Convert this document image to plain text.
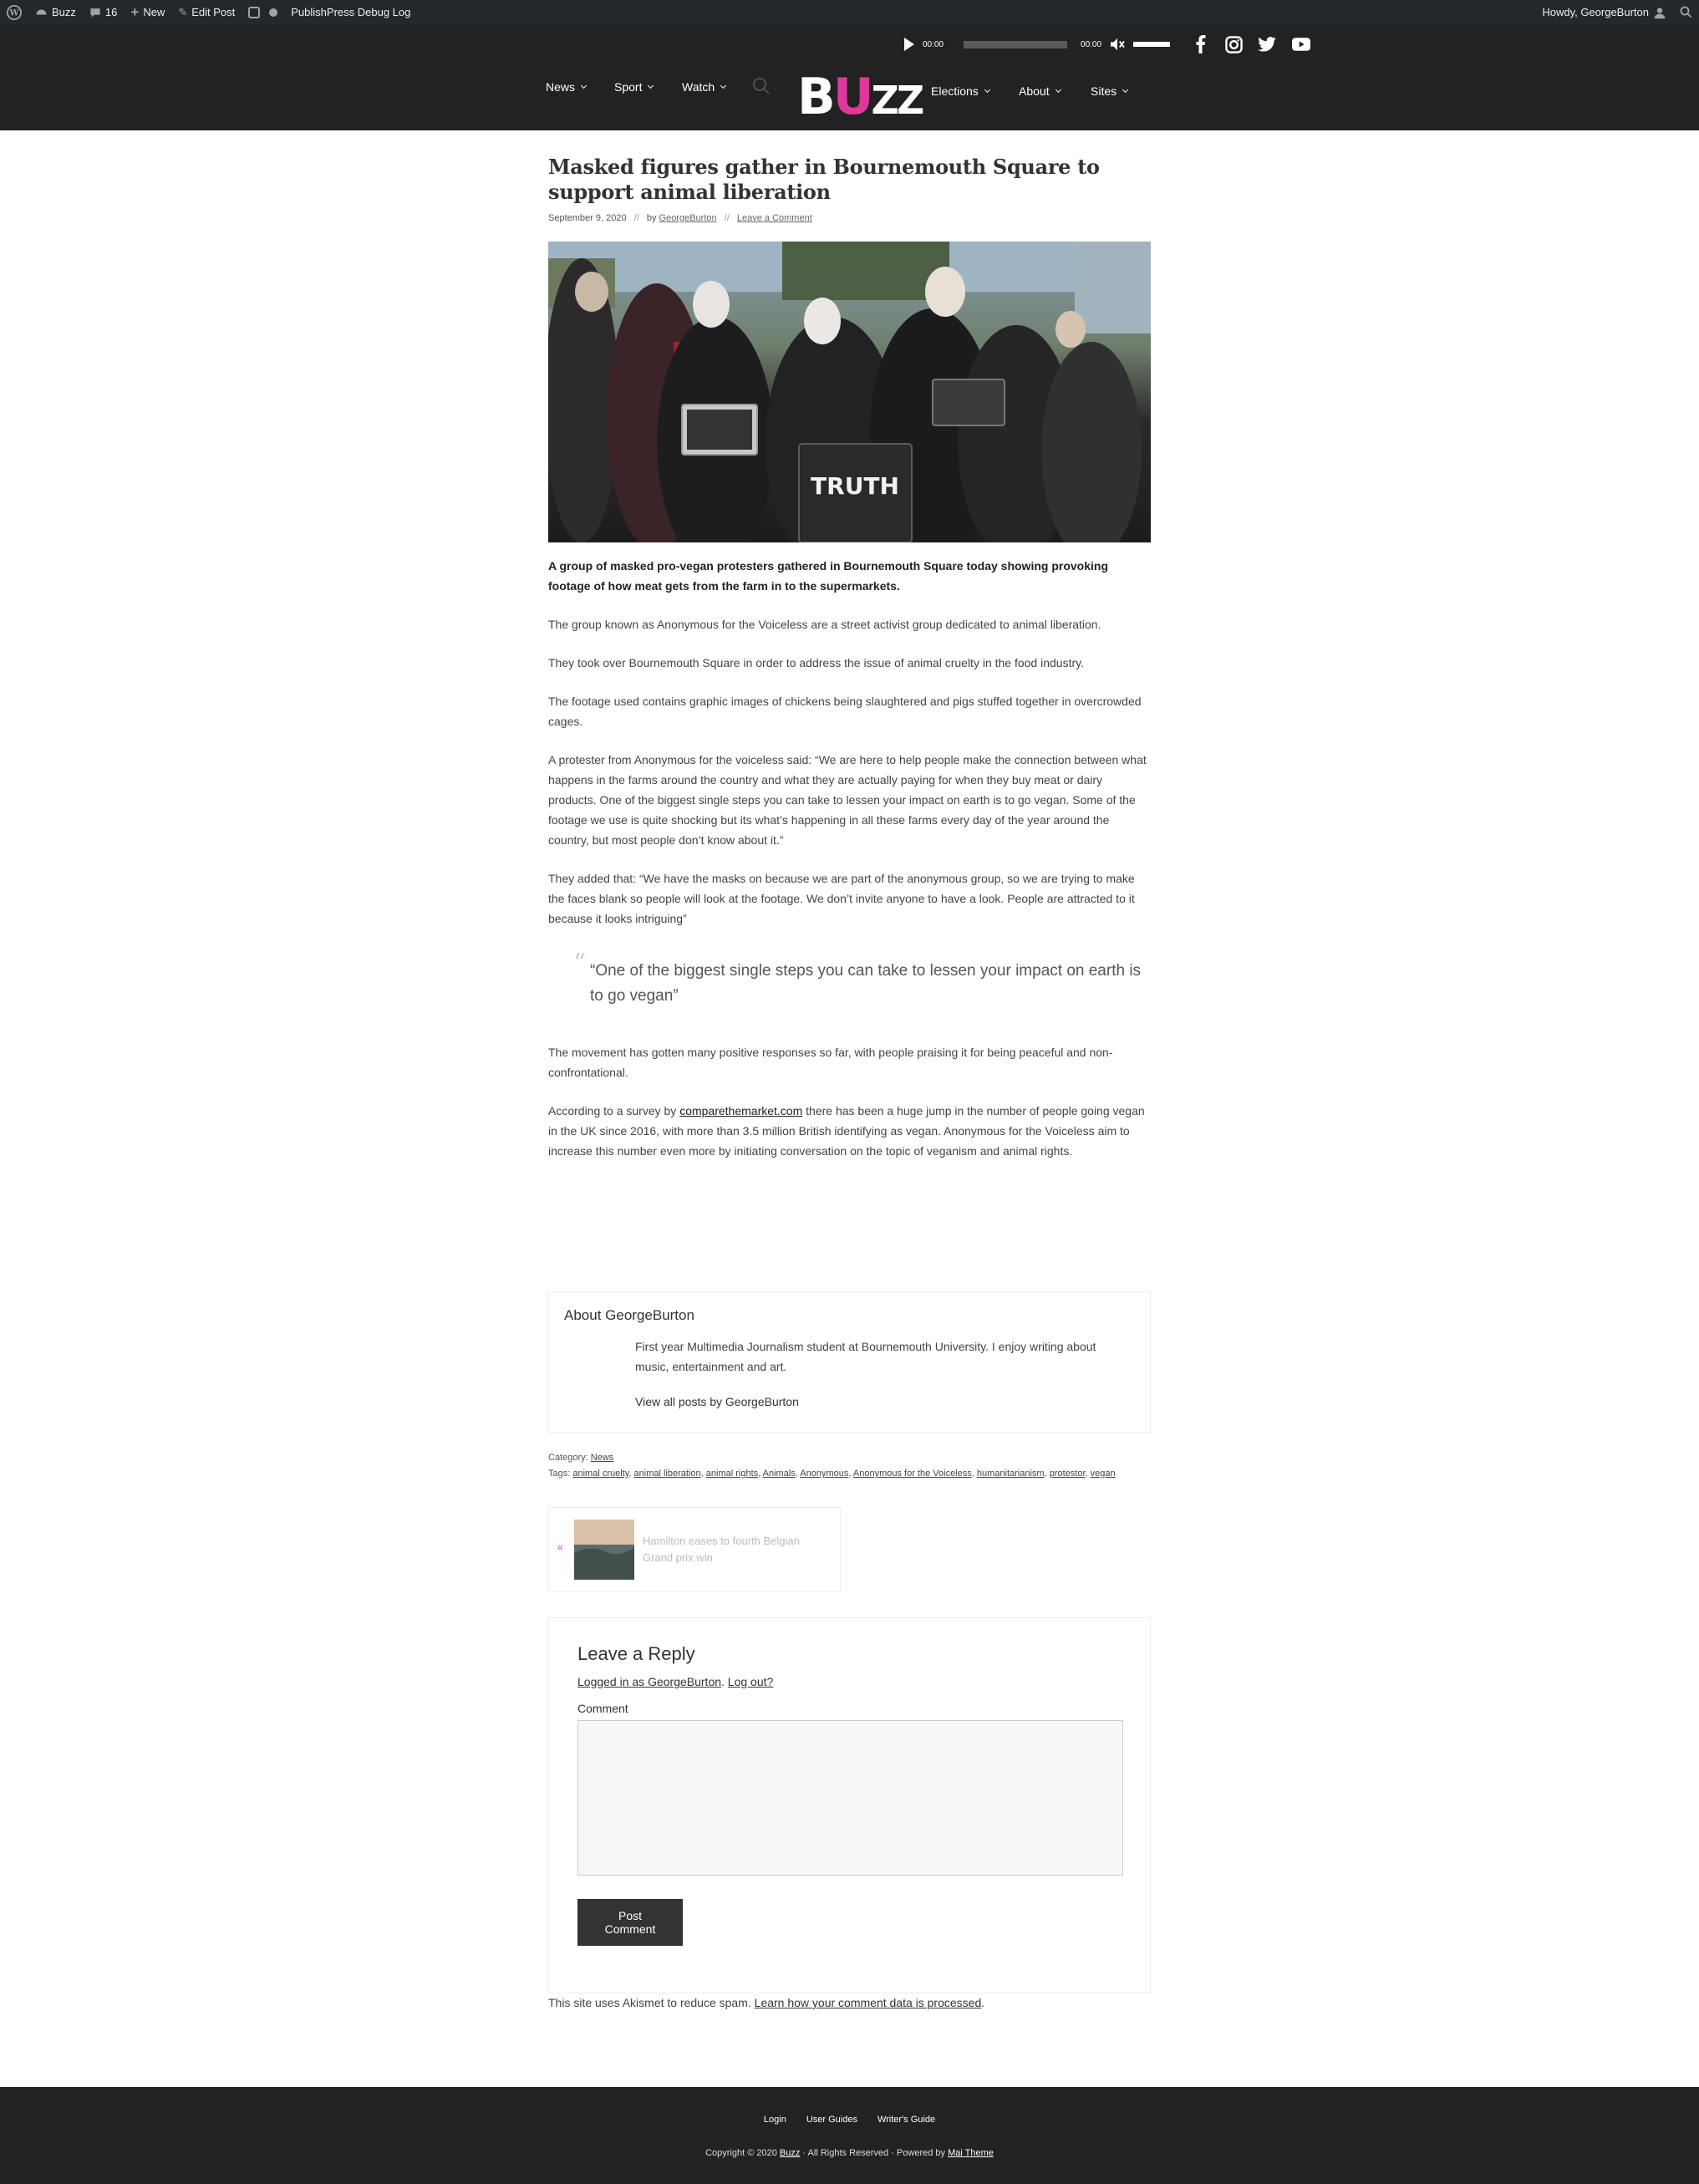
W	Buzz	16 + New ✎ Edit Post	PublishPress Debug Log	Howdy, GeorgeBurton
00:00	00:00
News	Sport	Watch BUZZ Elections	About	Sites
Masked figures gather in Bournemouth Square to support animal liberation
September 9, 2020 // by GeorgeBurton // Leave a Comment
TRUTH

A group of masked pro-vegan protesters gathered in Bournemouth Square today showing provoking footage of how meat gets from the farm in to the supermarkets.

The group known as Anonymous for the Voiceless are a street activist group dedicated to animal liberation.

They took over Bournemouth Square in order to address the issue of animal cruelty in the food industry.

The footage used contains graphic images of chickens being slaughtered and pigs stuffed together in overcrowded cages.

A protester from Anonymous for the voiceless said: “We are here to help people make the connection between what happens in the farms around the country and what they are actually paying for when they buy meat or dairy products. One of the biggest single steps you can take to lessen your impact on earth is to go vegan. Some of the footage we use is quite shocking but its what’s happening in all these farms every day of the year around the country, but most people don’t know about it.”

They added that: “We have the masks on because we are part of the anonymous group, so we are trying to make the faces blank so people will look at the footage. We don’t invite anyone to have a look. People are attracted to it because it looks intriguing”

“ “One of the biggest single steps you can take to lessen your impact on earth is to go vegan”

The movement has gotten many positive responses so far, with people praising it for being peaceful and non-confrontational.

According to a survey by comparethemarket.com there has been a huge jump in the number of people going vegan in the UK since 2016, with more than 3.5 million British identifying as vegan. Anonymous for the Voiceless aim to increase this number even more by initiating conversation on the topic of veganism and animal rights.

About GeorgeBurton

First year Multimedia Journalism student at Bournemouth University. I enjoy writing about music, entertainment and art.

View all posts by GeorgeBurton

Category: News
Tags: animal cruelty, animal liberation, animal rights, Animals, Anonymous, Anonymous for the Voiceless, humanitarianism, protestor, vegan
«	Hamilton eases to fourth Belgian Grand prix win
Leave a Reply
Logged in as GeorgeBurton. Log out?
Comment
Post Comment
This site uses Akismet to reduce spam. Learn how your comment data is processed.
Login User Guides Writer's Guide
Copyright © 2020 Buzz · All Rights Reserved · Powered by Mai Theme
